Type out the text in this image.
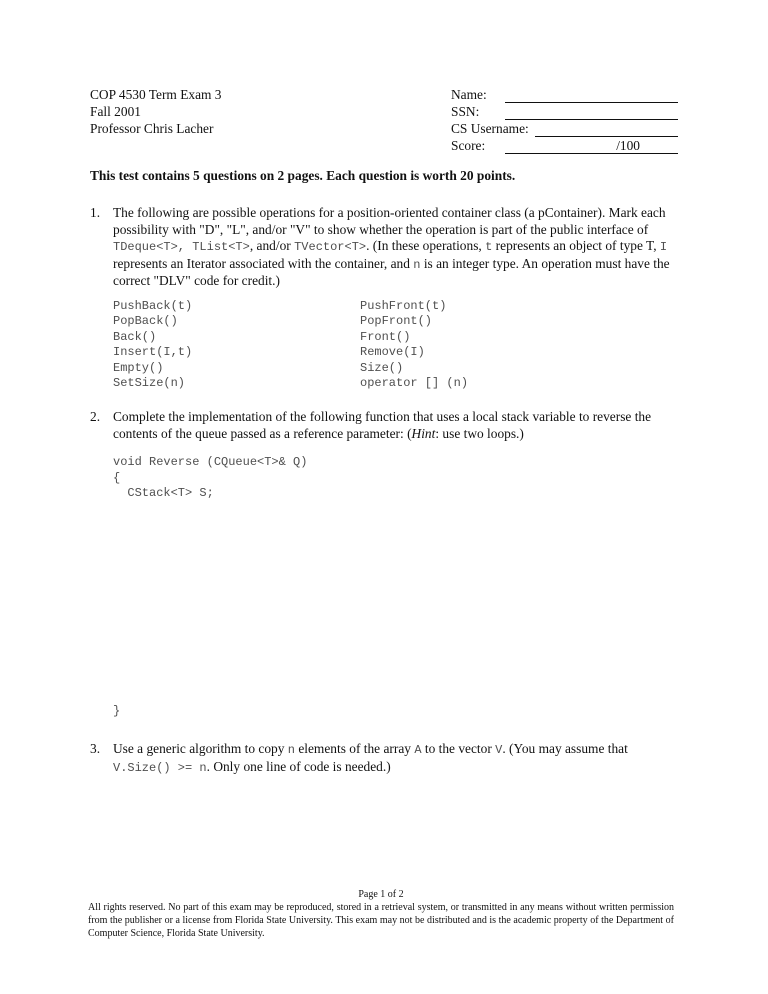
COP 4530 Term Exam 3
Fall 2001
Professor Chris Lacher
Name:
SSN:
CS Username:
Score:	/100
This test contains 5 questions on 2 pages. Each question is worth 20 points.
1. The following are possible operations for a position-oriented container class (a pContainer). Mark each possibility with "D", "L", and/or "V" to show whether the operation is part of the public interface of TDeque<T>, TList<T>, and/or TVector<T>. (In these operations, t represents an object of type T, I represents an Iterator associated with the container, and n is an integer type. An operation must have the correct "DLV" code for credit.)
PushBack(t)
PopBack()
Back()
Insert(I,t)
Empty()
SetSize(n)
PushFront(t)
PopFront()
Front()
Remove(I)
Size()
operator [] (n)
2. Complete the implementation of the following function that uses a local stack variable to reverse the contents of the queue passed as a reference parameter: (Hint: use two loops.)
void Reverse (CQueue<T>& Q)
{
CStack<T> S;
}
3. Use a generic algorithm to copy n elements of the array A to the vector V. (You may assume that V.Size() >= n. Only one line of code is needed.)
Page 1 of 2
All rights reserved. No part of this exam may be reproduced, stored in a retrieval system, or transmitted in any means without written permission from the publisher or a license from Florida State University. This exam may not be distributed and is the academic property of the Department of Computer Science, Florida State University.
